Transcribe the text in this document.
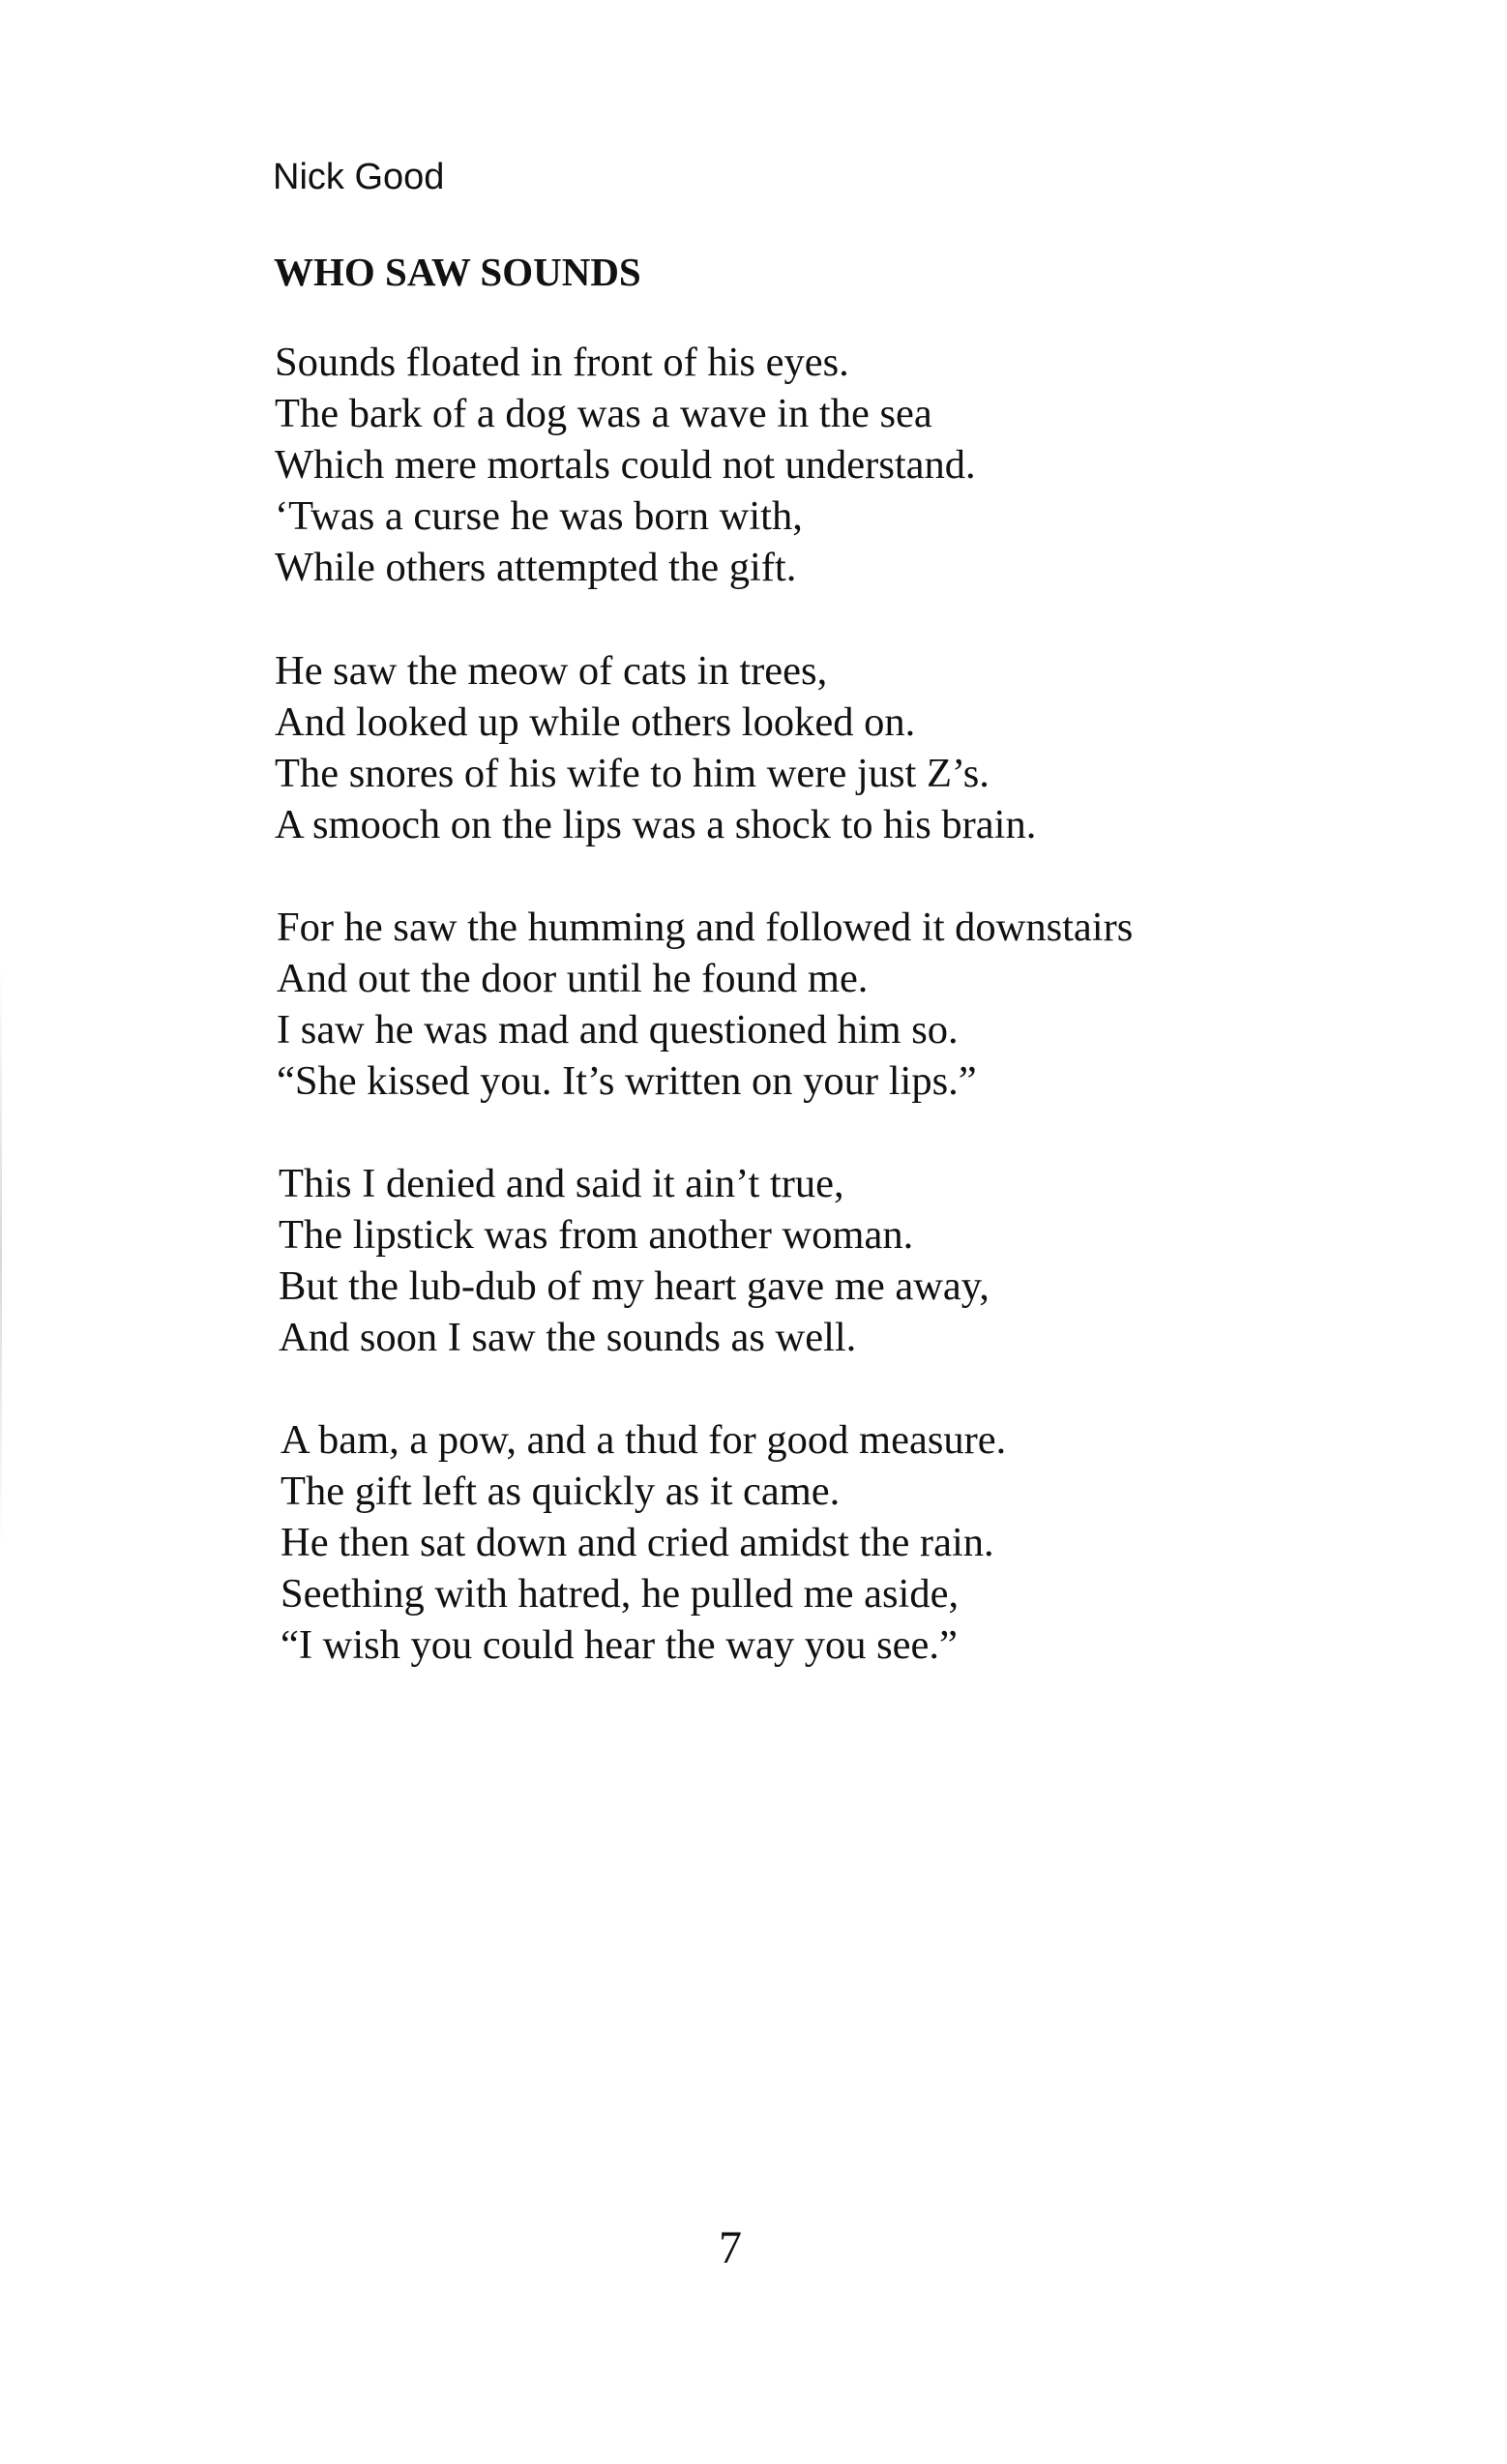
Nick Good
WHO SAW SOUNDS
Sounds floated in front of his eyes.
The bark of a dog was a wave in the sea
Which mere mortals could not understand.
‘Twas a curse he was born with,
While others attempted the gift.
He saw the meow of cats in trees,
And looked up while others looked on.
The snores of his wife to him were just Z’s.
A smooch on the lips was a shock to his brain.
For he saw the humming and followed it downstairs
And out the door until he found me.
I saw he was mad and questioned him so.
“She kissed you. It’s written on your lips.”
This I denied and said it ain’t true,
The lipstick was from another woman.
But the lub-dub of my heart gave me away,
And soon I saw the sounds as well.
A bam, a pow, and a thud for good measure.
The gift left as quickly as it came.
He then sat down and cried amidst the rain.
Seething with hatred, he pulled me aside,
“I wish you could hear the way you see.”
7
